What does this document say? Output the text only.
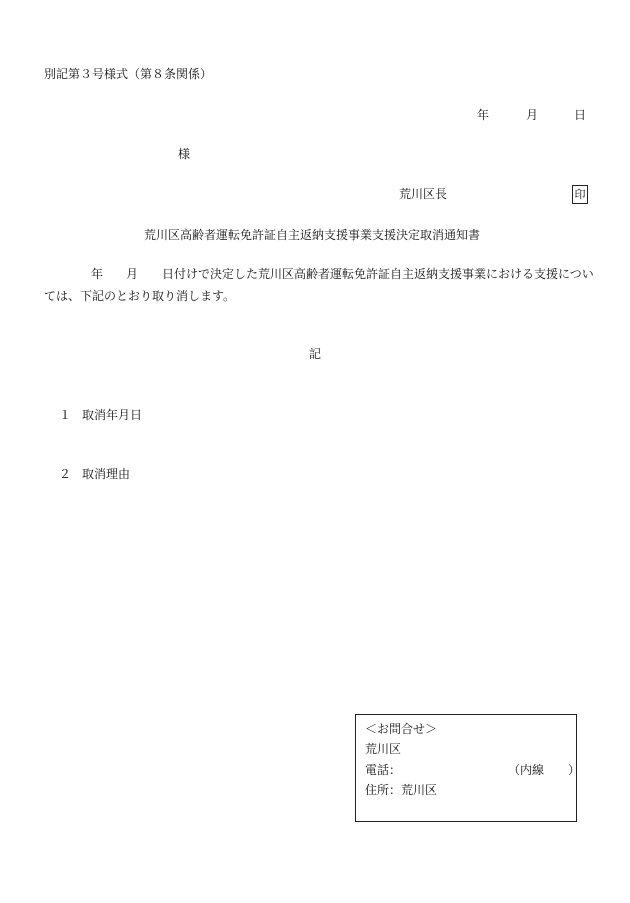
別記第３号様式（第８条関係）
年	月	日
様
荒川区長	印
荒川区高齢者運転免許証自主返納支援事業支援決定取消通知書
年 月 日付けで決定した荒川区高齢者運転免許証自主返納支援事業における支援につい
ては、下記のとおり取り消します。
記
１ 取消年月日
２ 取消理由
＜お問合せ＞
荒川区
電話：	（内線　　）
住所：荒川区
